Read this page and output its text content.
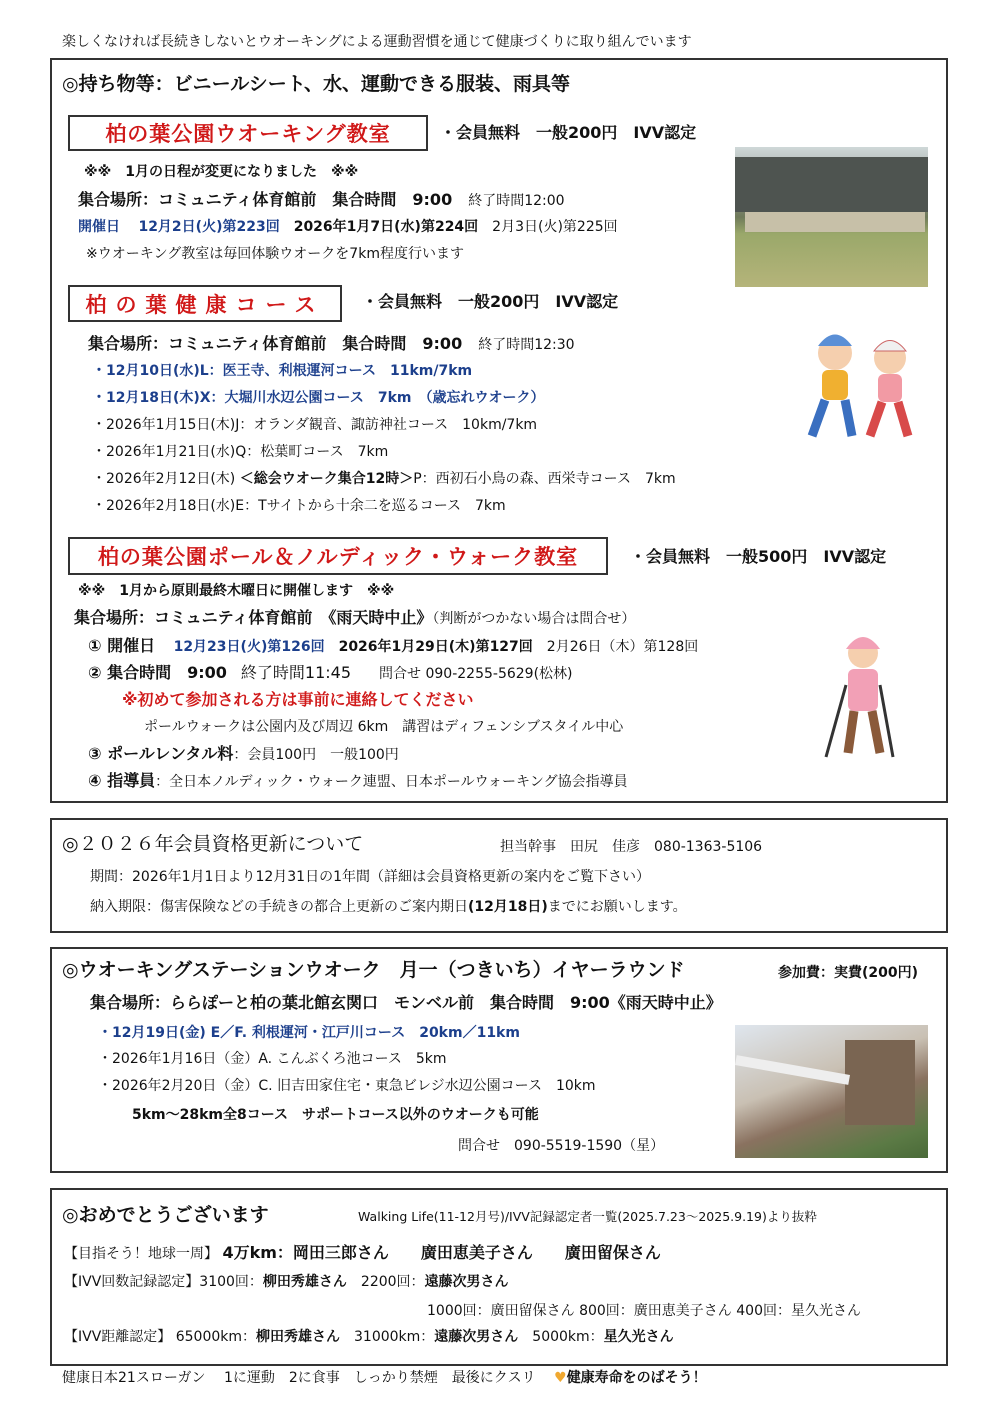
楽しくなければ長続きしないとウオーキングによる運動習慣を通じて健康づくりに取り組んでいます
◎持ち物等：ビニールシート、水、運動できる服装、雨具等
柏の葉公園ウオーキング教室	・会員無料　一般200円　IVV認定
※※　1月の日程が変更になりました　※※
集合場所：コミュニティ体育館前　集合時間　9:00　 終了時間12:00
開催日　 12月2日(火)第223回　 2026年1月7日(水)第224回　 2月3日(火)第225回
※ウオーキング教室は毎回体験ウオークを7km程度行います
柏の葉健康コース	・会員無料　一般200円　IVV認定
集合場所：コミュニティ体育館前　集合時間　9:00　 終了時間12:30
・12月10日(水)L：医王寺、利根運河コース　11km/7km
・12月18日(木)X：大堀川水辺公園コース　7km　（歳忘れウオーク）
・2026年1月15日(木)J：オランダ観音、諏訪神社コース　10km/7km
・2026年1月21日(水)Q：松葉町コース　7km
・2026年2月12日(木) ＜総会ウオーク集合12時＞P：西初石小鳥の森、西栄寺コース　7km
・2026年2月18日(水)E：Tサイトから十余二を巡るコース　7km
柏の葉公園ポール＆ノルディック・ウォーク教室	・会員無料　一般500円　IVV認定
※※　1月から原則最終木曜日に開催します　※※
集合場所：コミュニティ体育館前　《雨天時中止》（判断がつかない場合は問合せ）
① 開催日　 12月23日(火)第126回　 2026年1月29日(木)第127回　 2月26日（木）第128回
② 集合時間　9:00　 終了時間11:45　　 問合せ 090-2255-5629(松林)
※初めて参加される方は事前に連絡してください
ポールウォークは公園内及び周辺 6km　講習はディフェンシブスタイル中心
③ ポールレンタル料：会員100円　一般100円
④ 指導員：全日本ノルディック・ウォーク連盟、日本ポールウォーキング協会指導員
◎２０２６年会員資格更新について	担当幹事　田尻　佳彦　080-1363-5106
期間：2026年1月1日より12月31日の1年間（詳細は会員資格更新の案内をご覧下さい）
納入期限：傷害保険などの手続きの都合上更新のご案内期日(12月18日)までにお願いします。
◎ウオーキングステーションウオーク　月一（つきいち）イヤーラウンド	参加費：実費(200円)
集合場所：ららぽーと柏の葉北館玄関口　モンベル前　集合時間　9:00《雨天時中止》
・12月19日(金) E／F. 利根運河・江戸川コース　20km／11km
・2026年1月16日（金）A. こんぶくろ池コース　5km
・2026年2月20日（金）C. 旧吉田家住宅・東急ビレジ水辺公園コース　10km
5km〜28km全8コース　サポートコース以外のウオークも可能
問合せ　090-5519-1590（星）
◎おめでとうございます	Walking Life(11-12月号)/IVV記録認定者一覧(2025.7.23〜2025.9.19)より抜粋
【目指そう！地球一周】 4万km：岡田三郎さん　　廣田恵美子さん　　廣田留保さん
【IVV回数記録認定】3100回：柳田秀雄さん　 2200回：遠藤次男さん
1000回：廣田留保さん 800回：廣田恵美子さん 400回：星久光さん
【IVV距離認定】 65000km：柳田秀雄さん　 31000km：遠藤次男さん　 5000km：星久光さん
健康日本21スローガン　 1に運動　2に食事　しっかり禁煙　最後にクスリ　 ♥健康寿命をのばそう！
